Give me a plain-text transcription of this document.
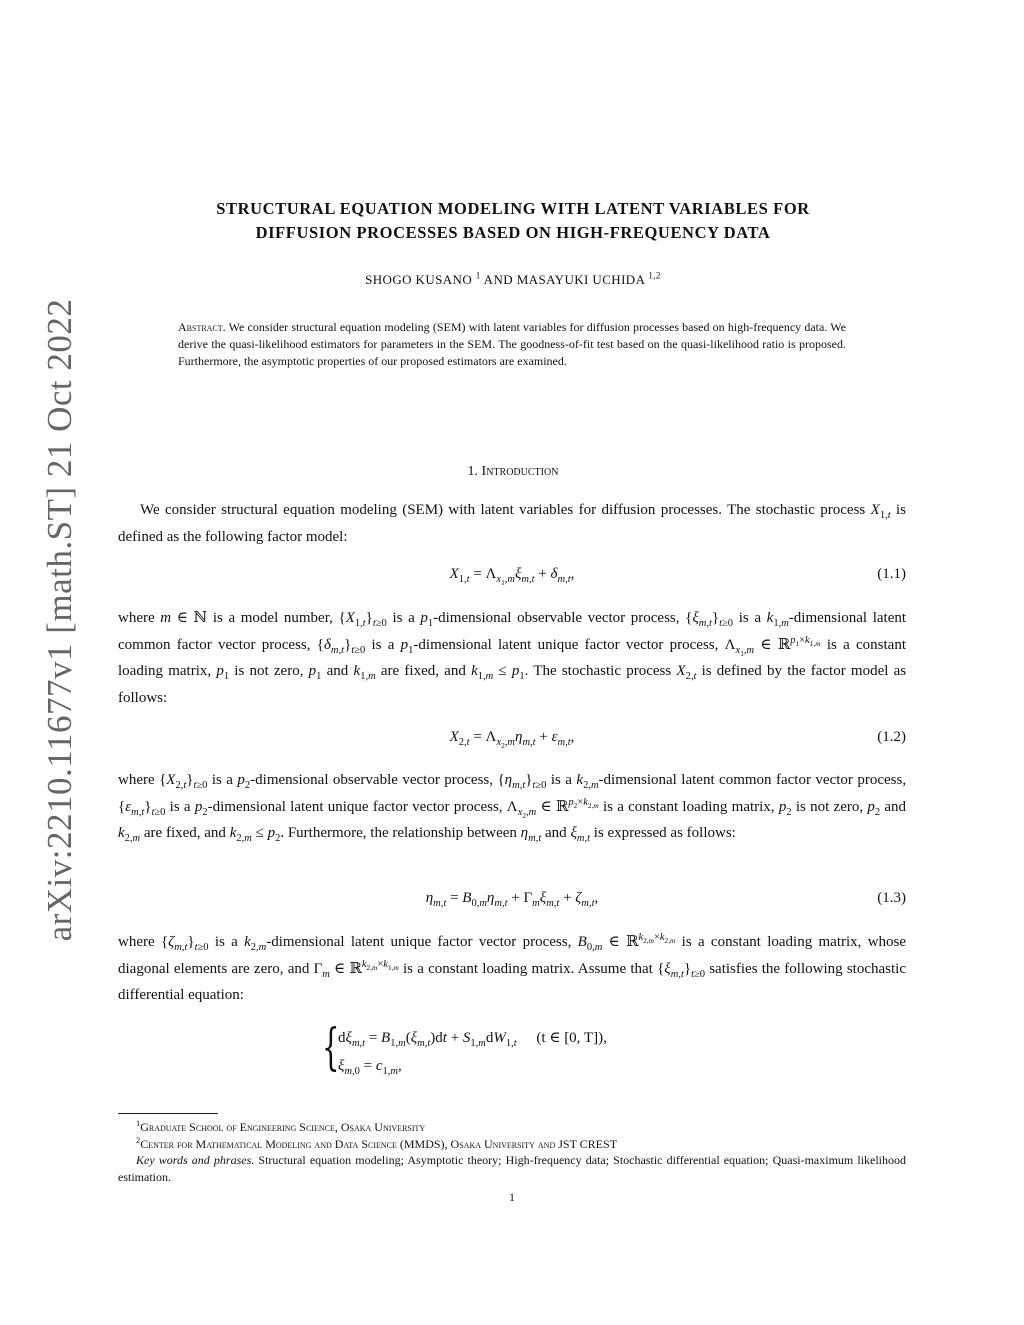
arXiv:2210.11677v1 [math.ST] 21 Oct 2022
STRUCTURAL EQUATION MODELING WITH LATENT VARIABLES FOR
DIFFUSION PROCESSES BASED ON HIGH-FREQUENCY DATA
SHOGO KUSANO $^1$ AND MASAYUKI UCHIDA $^{1,2}$
Abstract. We consider structural equation modeling (SEM) with latent variables for diffusion processes based on high-frequency data. We derive the quasi-likelihood estimators for parameters in the SEM. The goodness-of-fit test based on the quasi-likelihood ratio is proposed. Furthermore, the asymptotic properties of our proposed estimators are examined.
1. Introduction
We consider structural equation modeling (SEM) with latent variables for diffusion processes. The stochastic process $X_{1,t}$ is defined as the following factor model:
$X_{1,t} = \Lambda_{x_1,m}\xi_{m,t} + \delta_{m,t}$,	(1.1)
where m ∈ ℕ is a model number, $\{X_{1,t}\}_{t\ge 0}$ is a $p_1$-dimensional observable vector process, $\{\xi_{m,t}\}_{t\ge 0}$ is a $k_{1,m}$-dimensional latent common factor vector process, $\{\delta_{m,t}\}_{t\ge 0}$ is a $p_1$-dimensional latent unique factor vector process, $\Lambda_{x_1,m}$ ∈ ℝ$^{p_1\times k_{1,m}}$ is a constant loading matrix, $p_1$ is not zero, $p_1$ and $k_{1,m}$ are fixed, and $k_{1,m} \le p_1$. The stochastic process $X_{2,t}$ is defined by the factor model as follows:
$X_{2,t} = \Lambda_{x_2,m}\eta_{m,t} + \varepsilon_{m,t}$,	(1.2)
where $\{X_{2,t}\}_{t\ge 0}$ is a $p_2$-dimensional observable vector process, $\{\eta_{m,t}\}_{t\ge 0}$ is a $k_{2,m}$-dimensional latent common factor vector process, $\{\varepsilon_{m,t}\}_{t\ge 0}$ is a $p_2$-dimensional latent unique factor vector process, $\Lambda_{x_2,m}$ ∈ ℝ$^{p_2\times k_{2,m}}$ is a constant loading matrix, $p_2$ is not zero, $p_2$ and $k_{2,m}$ are fixed, and $k_{2,m} \le p_2$. Furthermore, the relationship between $\eta_{m,t}$ and $\xi_{m,t}$ is expressed as follows:
$\eta_{m,t} = B_{0,m}\eta_{m,t} + \Gamma_m\xi_{m,t} + \zeta_{m,t}$,	(1.3)
where $\{\zeta_{m,t}\}_{t\ge 0}$ is a $k_{2,m}$-dimensional latent unique factor vector process, $B_{0,m}$ ∈ ℝ$^{k_{2,m}\times k_{2,m}}$ is a constant loading matrix, whose diagonal elements are zero, and $\Gamma_m$ ∈ ℝ$^{k_{2,m}\times k_{1,m}}$ is a constant loading matrix. Assume that $\{\xi_{m,t}\}_{t\ge 0}$ satisfies the following stochastic differential equation:
{
$d\xi_{m,t} = B_{1,m}(\xi_{m,t})dt + S_{1,m}dW_{1,t}$ (t ∈ [0, T]),
$\xi_{m,0} = c_{1,m}$,
$^1$Graduate School of Engineering Science, Osaka University
$^2$Center for Mathematical Modeling and Data Science (MMDS), Osaka University and JST CREST
Key words and phrases. Structural equation modeling; Asymptotic theory; High-frequency data; Stochastic differential equation; Quasi-maximum likelihood estimation.
1
